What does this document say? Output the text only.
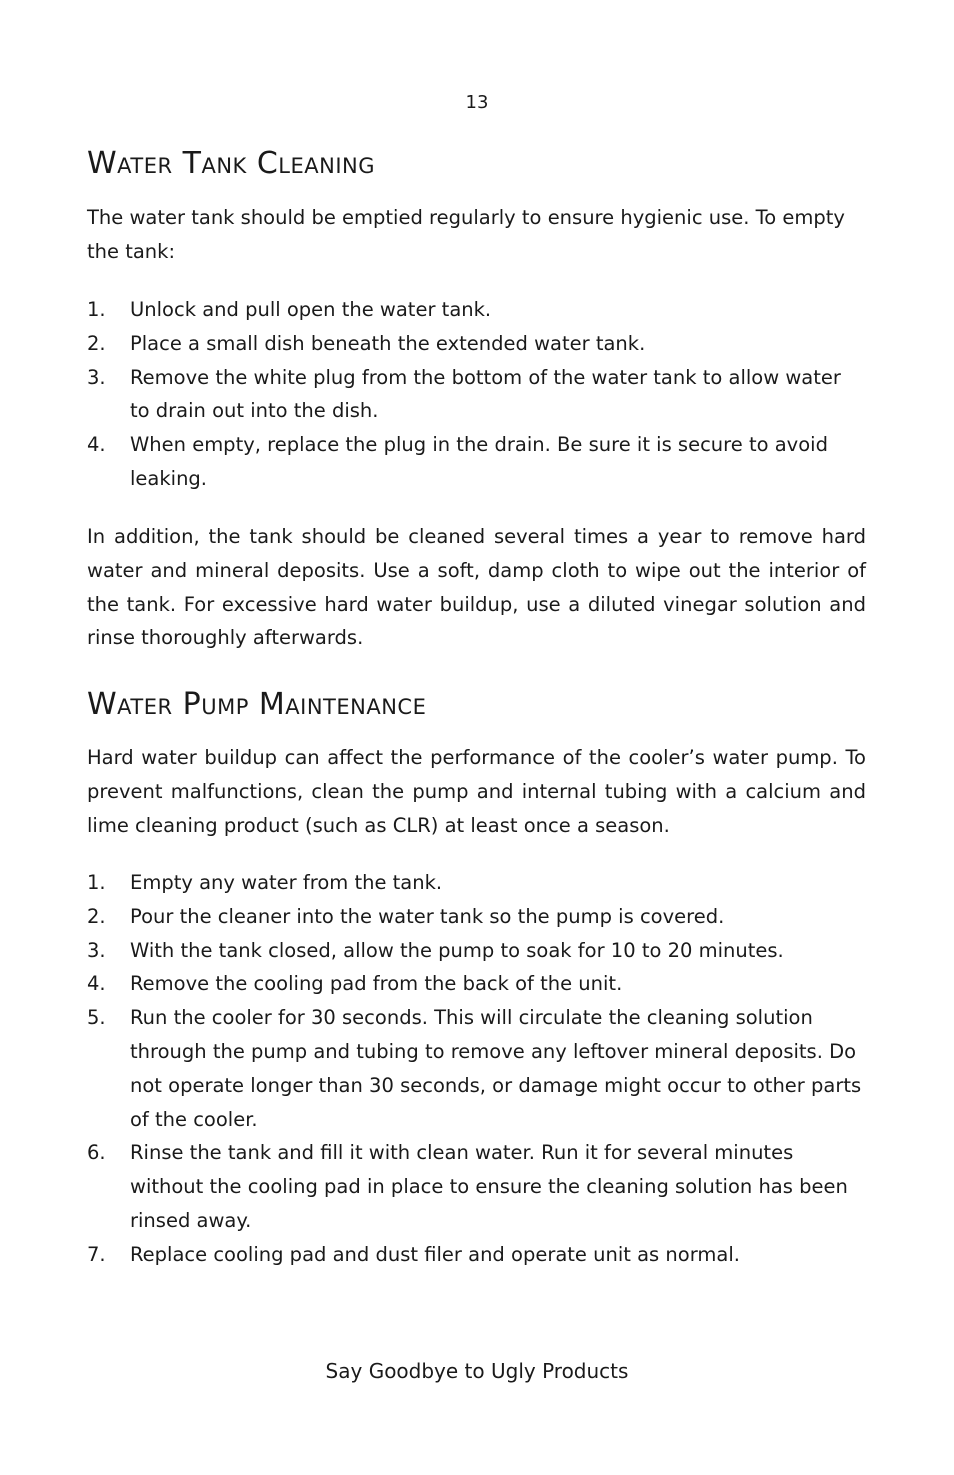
13
Water Tank Cleaning

The water tank should be emptied regularly to ensure hygienic use. To empty the tank:

1. Unlock and pull open the water tank.
2. Place a small dish beneath the extended water tank.
3. Remove the white plug from the bottom of the water tank to allow water to drain out into the dish.
4. When empty, replace the plug in the drain. Be sure it is secure to avoid leaking.

In addition, the tank should be cleaned several times a year to remove hard water and mineral deposits. Use a soft, damp cloth to wipe out the interior of the tank. For excessive hard water buildup, use a diluted vinegar solution and rinse thoroughly afterwards.

Water Pump Maintenance

Hard water buildup can affect the performance of the cooler’s water pump. To prevent malfunctions, clean the pump and internal tubing with a calcium and lime cleaning product (such as CLR) at least once a season.

1. Empty any water from the tank.
2. Pour the cleaner into the water tank so the pump is covered.
3. With the tank closed, allow the pump to soak for 10 to 20 minutes.
4. Remove the cooling pad from the back of the unit.
5. Run the cooler for 30 seconds. This will circulate the cleaning solution through the pump and tubing to remove any leftover mineral deposits. Do not operate longer than 30 seconds, or damage might occur to other parts of the cooler.
6. Rinse the tank and fill it with clean water. Run it for several minutes without the cooling pad in place to ensure the cleaning solution has been rinsed away.
7. Replace cooling pad and dust filer and operate unit as normal.
Say Goodbye to Ugly Products
